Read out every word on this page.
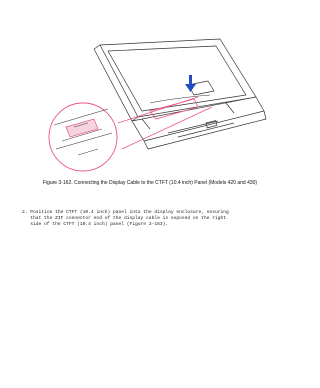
Figure 3-162. Connecting the Display Cable to the CTFT (10.4 inch) Panel (Models 420 and 430)
2. Position the CTFT (10.4 inch) panel into the display enclosure, ensuring
that the ZIF connector end of the display cable is exposed on the right
side of the CTFT (10.4 inch) panel (Figure 3-163).
